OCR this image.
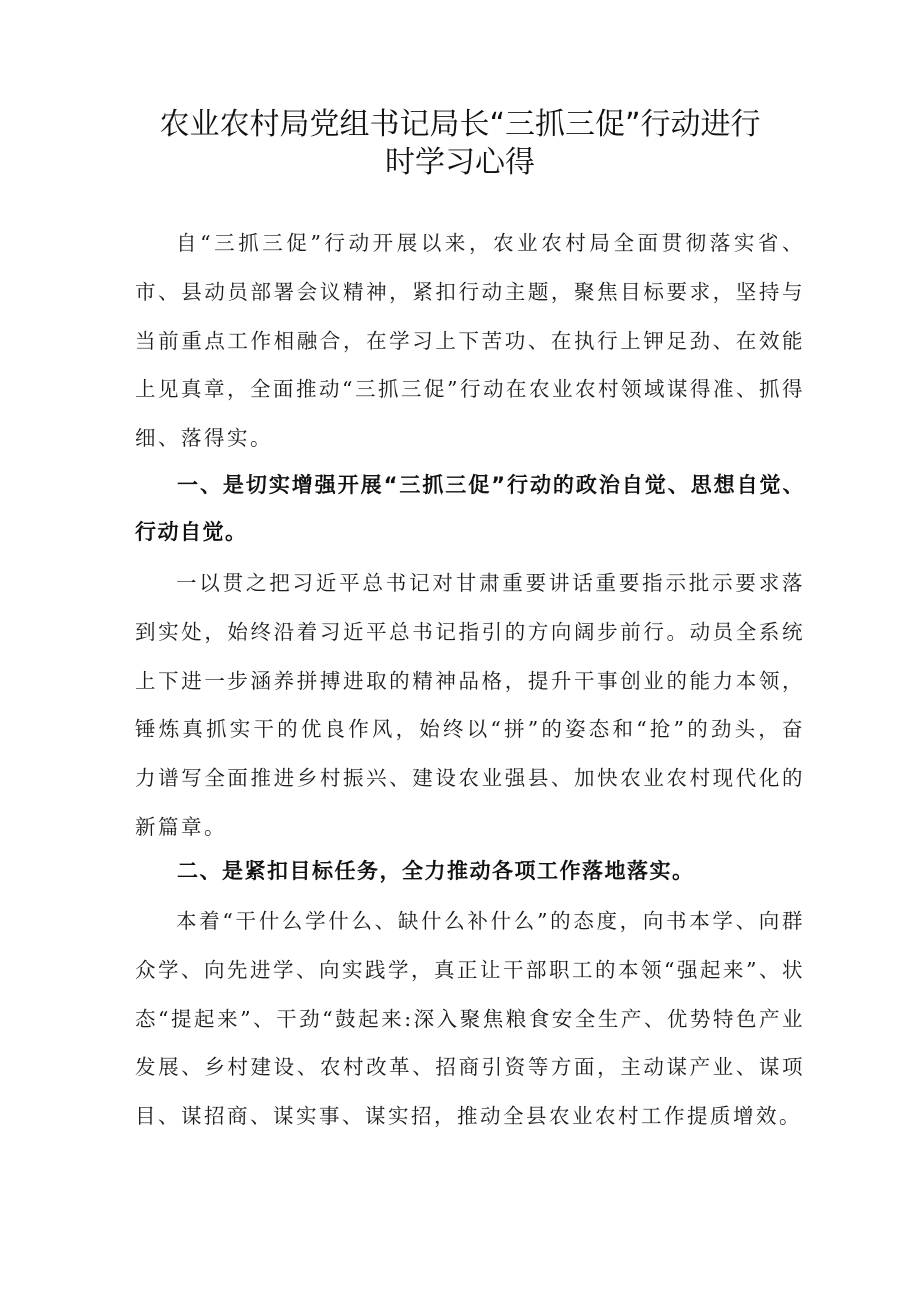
农业农村局党组书记局长“三抓三促”行动进行
时学习心得

自“三抓三促”行动开展以来，农业农村局全面贯彻落实省、市、县动员部署会议精神，紧扣行动主题，聚焦目标要求，坚持与当前重点工作相融合，在学习上下苦功、在执行上钾足劲、在效能上见真章，全面推动“三抓三促”行动在农业农村领域谋得准、抓得细、落得实。

一、是切实增强开展“三抓三促”行动的政治自觉、思想自觉、行动自觉。

一以贯之把习近平总书记对甘肃重要讲话重要指示批示要求落到实处，始终沿着习近平总书记指引的方向阔步前行。动员全系统上下进一步涵养拼搏进取的精神品格，提升干事创业的能力本领，锤炼真抓实干的优良作风，始终以“拼”的姿态和“抢”的劲头，奋力谱写全面推进乡村振兴、建设农业强县、加快农业农村现代化的新篇章。

二、是紧扣目标任务，全力推动各项工作落地落实。

本着“干什么学什么、缺什么补什么”的态度，向书本学、向群众学、向先进学、向实践学，真正让干部职工的本领“强起来”、状态“提起来”、干劲“鼓起来:深入聚焦粮食安全生产、优势特色产业发展、乡村建设、农村改革、招商引资等方面，主动谋产业、谋项目、谋招商、谋实事、谋实招，推动全县农业农村工作提质增效。
